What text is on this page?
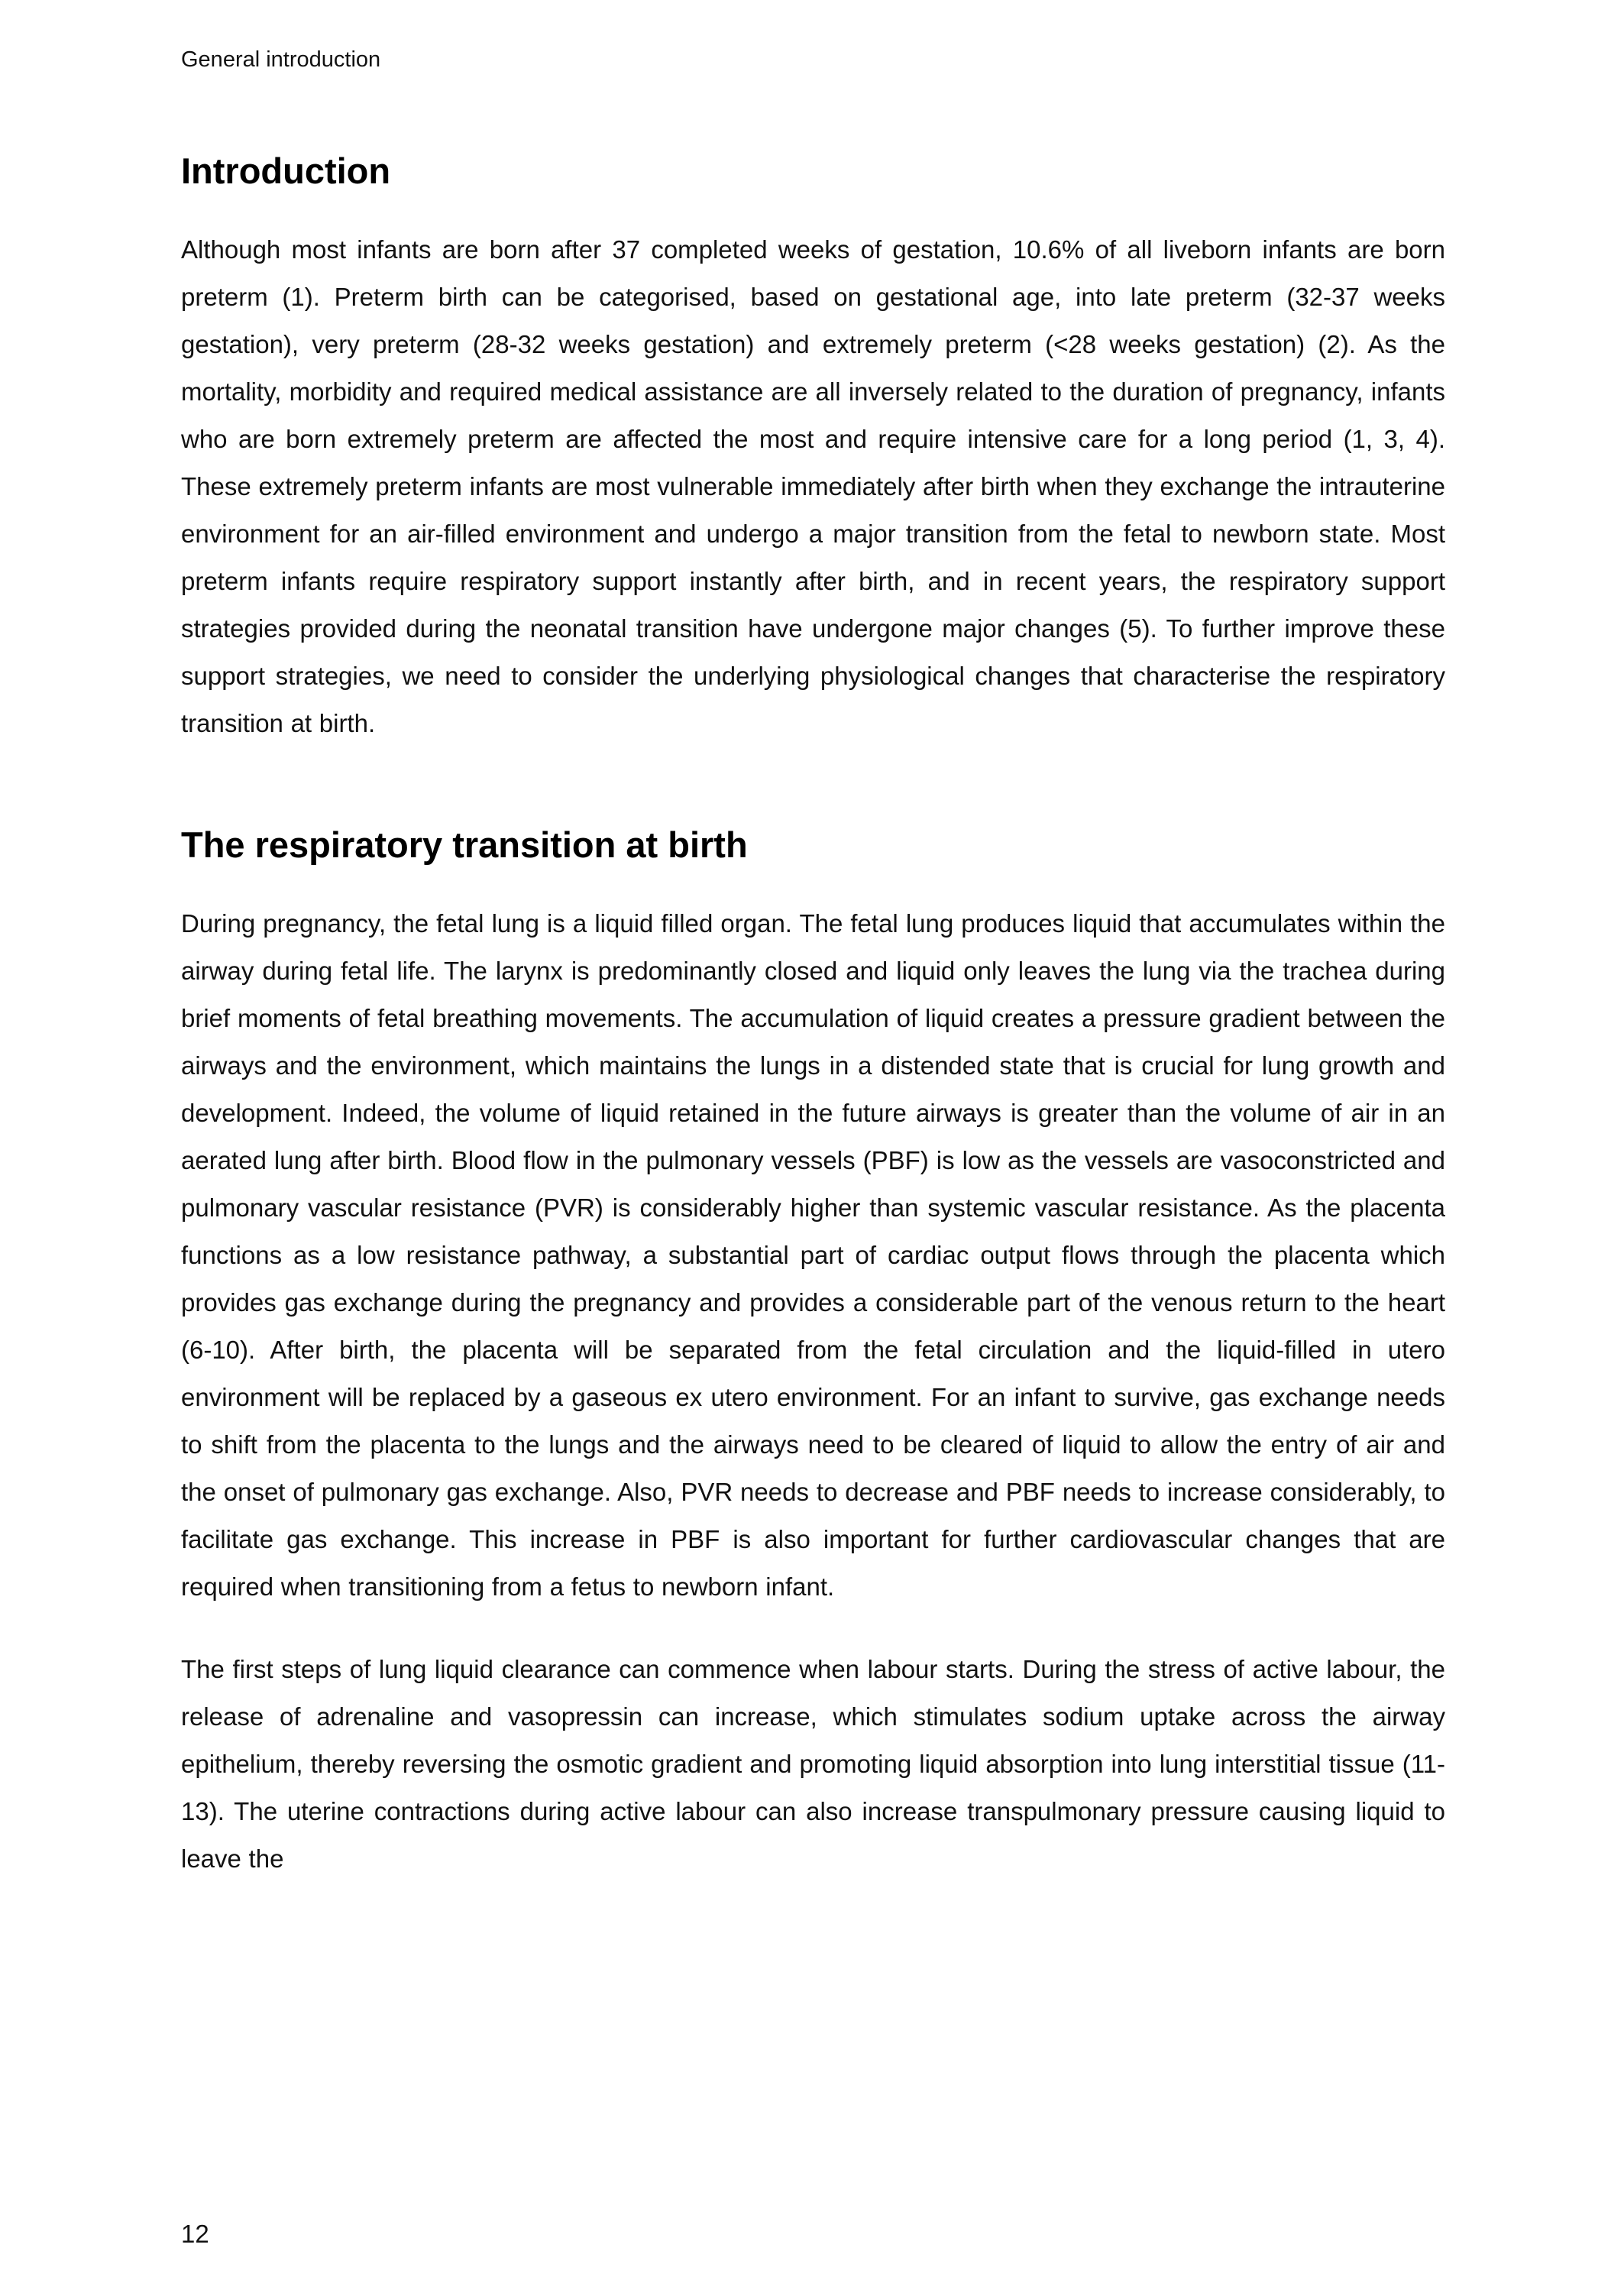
General introduction
Introduction

Although most infants are born after 37 completed weeks of gestation, 10.6% of all liveborn infants are born preterm (1). Preterm birth can be categorised, based on gestational age, into late preterm (32-37 weeks gestation), very preterm (28-32 weeks gestation) and extremely preterm (<28 weeks gestation) (2). As the mortality, morbidity and required medical assistance are all inversely related to the duration of pregnancy, infants who are born extremely preterm are affected the most and require intensive care for a long period (1, 3, 4). These extremely preterm infants are most vulnerable immediately after birth when they exchange the intrauterine environment for an air-filled environment and undergo a major transition from the fetal to newborn state. Most preterm infants require respiratory support instantly after birth, and in recent years, the respiratory support strategies provided during the neonatal transition have undergone major changes (5). To further improve these support strategies, we need to consider the underlying physiological changes that characterise the respiratory transition at birth.

The respiratory transition at birth

During pregnancy, the fetal lung is a liquid filled organ. The fetal lung produces liquid that accumulates within the airway during fetal life. The larynx is predominantly closed and liquid only leaves the lung via the trachea during brief moments of fetal breathing movements. The accumulation of liquid creates a pressure gradient between the airways and the environment, which maintains the lungs in a distended state that is crucial for lung growth and development. Indeed, the volume of liquid retained in the future airways is greater than the volume of air in an aerated lung after birth. Blood flow in the pulmonary vessels (PBF) is low as the vessels are vasoconstricted and pulmonary vascular resistance (PVR) is considerably higher than systemic vascular resistance. As the placenta functions as a low resistance pathway, a substantial part of cardiac output flows through the placenta which provides gas exchange during the pregnancy and provides a considerable part of the venous return to the heart (6-10). After birth, the placenta will be separated from the fetal circulation and the liquid-filled in utero environment will be replaced by a gaseous ex utero environment. For an infant to survive, gas exchange needs to shift from the placenta to the lungs and the airways need to be cleared of liquid to allow the entry of air and the onset of pulmonary gas exchange. Also, PVR needs to decrease and PBF needs to increase considerably, to facilitate gas exchange. This increase in PBF is also important for further cardiovascular changes that are required when transitioning from a fetus to newborn infant.

The first steps of lung liquid clearance can commence when labour starts. During the stress of active labour, the release of adrenaline and vasopressin can increase, which stimulates sodium uptake across the airway epithelium, thereby reversing the osmotic gradient and promoting liquid absorption into lung interstitial tissue (11-13). The uterine contractions during active labour can also increase transpulmonary pressure causing liquid to leave the

12
